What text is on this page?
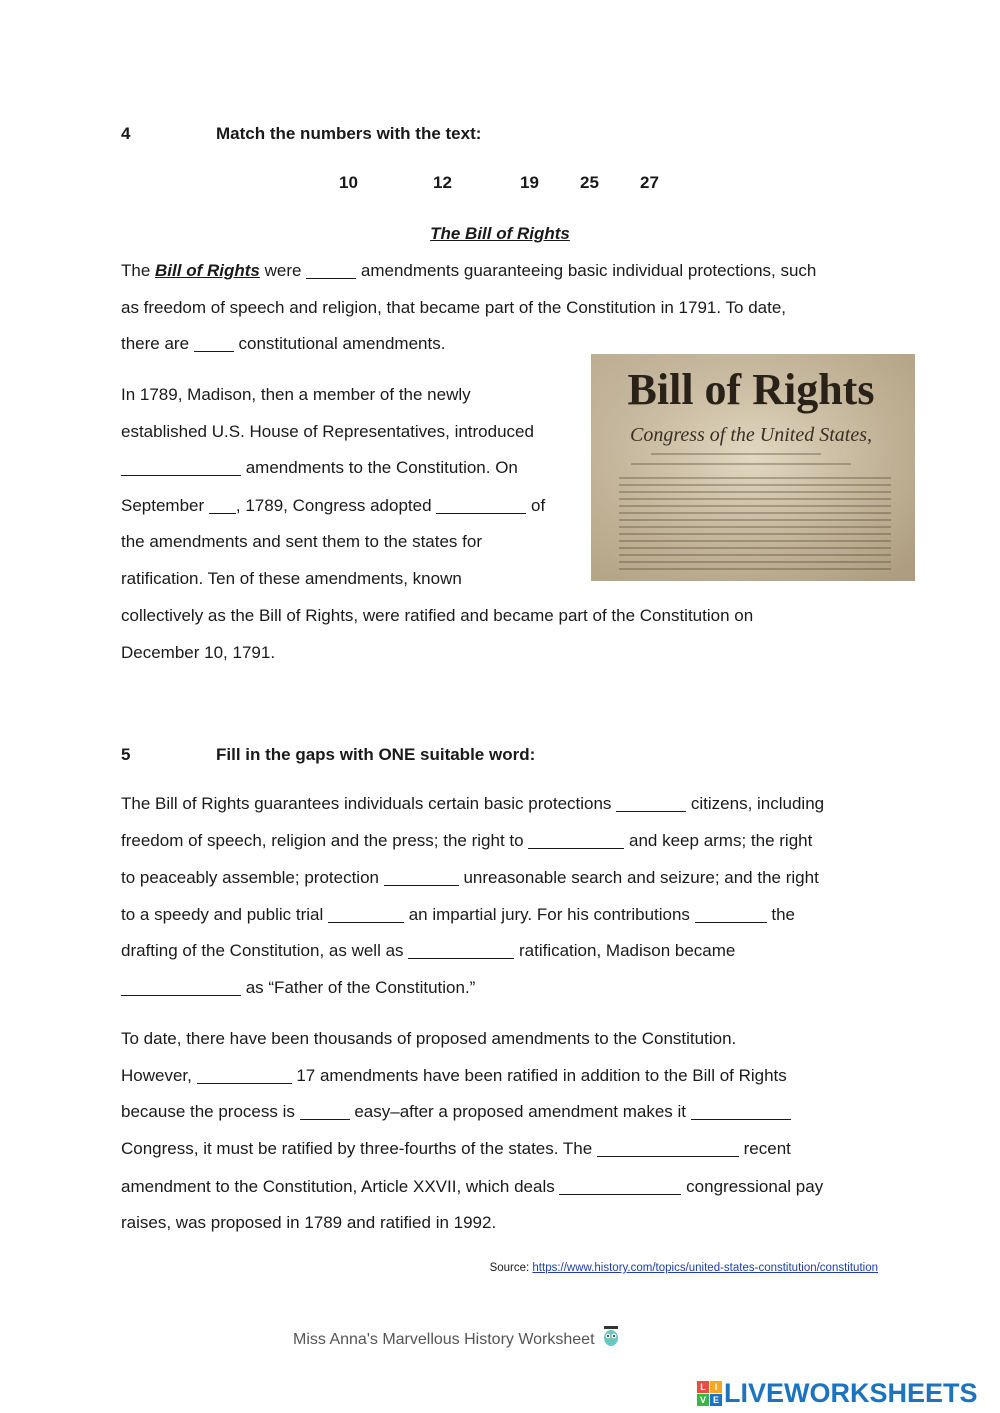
4	Match the numbers with the text:
10	12	19 25 27
The Bill of Rights
The Bill of Rights were	amendments guaranteeing basic individual protections, such
as freedom of speech and religion, that became part of the Constitution in 1791. To date,
there are  constitutional amendments.
In 1789, Madison, then a member of the newly
established U.S. House of Representatives, introduced
amendments to the Constitution. On
September , 1789, Congress adopted	of
the amendments and sent them to the states for
ratification. Ten of these amendments, known
collectively as the Bill of Rights, were ratified and became part of the Constitution on
December 10, 1791.
Bill of Rights
Congress of the United States,
5	Fill in the gaps with ONE suitable word:
The Bill of Rights guarantees individuals certain basic protections	citizens, including
freedom of speech, religion and the press; the right to	and keep arms; the right
to peaceably assemble; protection	unreasonable search and seizure; and the right
to a speedy and public trial	an impartial jury. For his contributions	the
drafting of the Constitution, as well as	ratification, Madison became
as “Father of the Constitution.”
To date, there have been thousands of proposed amendments to the Constitution.
However,	17 amendments have been ratified in addition to the Bill of Rights
because the process is	easy–after a proposed amendment makes it
Congress, it must be ratified by three-fourths of the states. The	recent
amendment to the Constitution, Article XXVII, which deals	congressional pay
raises, was proposed in 1789 and ratified in 1992.
Source: https://www.history.com/topics/united-states-constitution/constitution
Miss Anna's Marvellous History Worksheet
L I
V E LIVEWORKSHEETS
